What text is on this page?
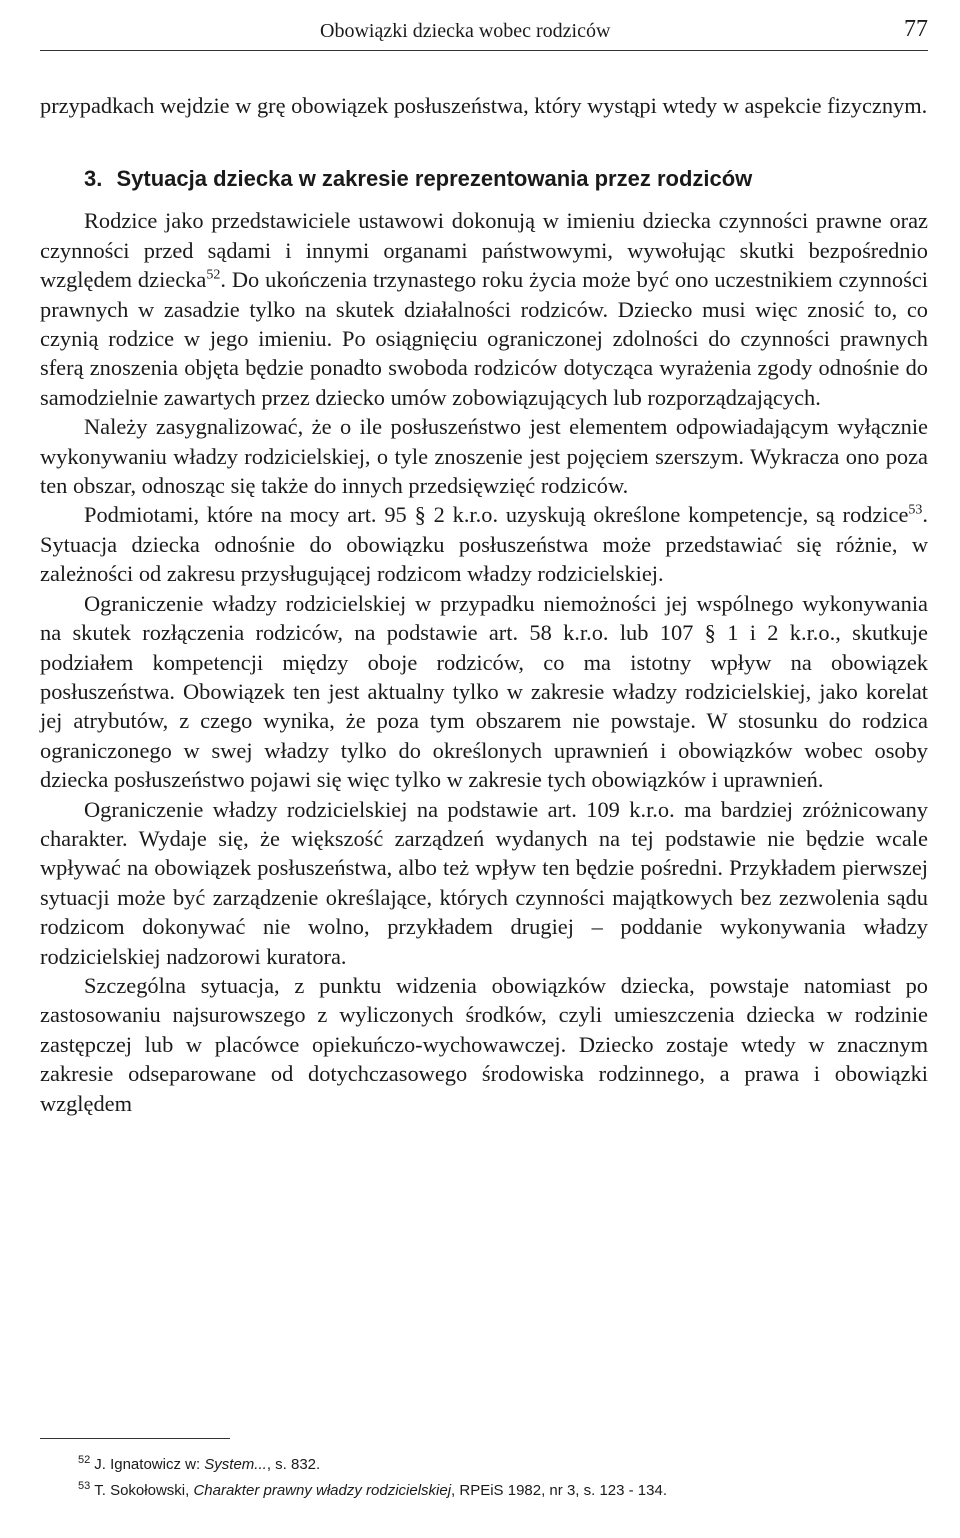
Obowiązki dziecka wobec rodziców	77

przypadkach wejdzie w grę obowiązek posłuszeństwa, który wystąpi wtedy w aspekcie fizycznym.

3. Sytuacja dziecka w zakresie reprezentowania przez rodziców

Rodzice jako przedstawiciele ustawowi dokonują w imieniu dziecka czynności prawne oraz czynności przed sądami i innymi organami państwowymi, wywołując skutki bezpośrednio względem dziecka$^{52}$. Do ukończenia trzynastego roku życia może być ono uczestnikiem czynności prawnych w zasadzie tylko na skutek działalności rodziców. Dziecko musi więc znosić to, co czynią rodzice w jego imieniu. Po osiągnięciu ograniczonej zdolności do czynności prawnych sferą znoszenia objęta będzie ponadto swoboda rodziców dotycząca wyrażenia zgody odnośnie do samodzielnie zawartych przez dziecko umów zobowiązujących lub rozporządzających.

Należy zasygnalizować, że o ile posłuszeństwo jest elementem odpowiadającym wyłącznie wykonywaniu władzy rodzicielskiej, o tyle znoszenie jest pojęciem szerszym. Wykracza ono poza ten obszar, odnosząc się także do innych przedsięwzięć rodziców.

Podmiotami, które na mocy art. 95 § 2 k.r.o. uzyskują określone kompetencje, są rodzice$^{53}$. Sytuacja dziecka odnośnie do obowiązku posłuszeństwa może przedstawiać się różnie, w zależności od zakresu przysługującej rodzicom władzy rodzicielskiej.

Ograniczenie władzy rodzicielskiej w przypadku niemożności jej wspólnego wykonywania na skutek rozłączenia rodziców, na podstawie art. 58 k.r.o. lub 107 § 1 i 2 k.r.o., skutkuje podziałem kompetencji między oboje rodziców, co ma istotny wpływ na obowiązek posłuszeństwa. Obowiązek ten jest aktualny tylko w zakresie władzy rodzicielskiej, jako korelat jej atrybutów, z czego wynika, że poza tym obszarem nie powstaje. W stosunku do rodzica ograniczonego w swej władzy tylko do określonych uprawnień i obowiązków wobec osoby dziecka posłuszeństwo pojawi się więc tylko w zakresie tych obowiązków i uprawnień.

Ograniczenie władzy rodzicielskiej na podstawie art. 109 k.r.o. ma bardziej zróżnicowany charakter. Wydaje się, że większość zarządzeń wydanych na tej podstawie nie będzie wcale wpływać na obowiązek posłuszeństwa, albo też wpływ ten będzie pośredni. Przykładem pierwszej sytuacji może być zarządzenie określające, których czynności majątkowych bez zezwolenia sądu rodzicom dokonywać nie wolno, przykładem drugiej – poddanie wykonywania władzy rodzicielskiej nadzorowi kuratora.

Szczególna sytuacja, z punktu widzenia obowiązków dziecka, powstaje natomiast po zastosowaniu najsurowszego z wyliczonych środków, czyli umieszczenia dziecka w rodzinie zastępczej lub w placówce opiekuńczo-wychowawczej. Dziecko zostaje wtedy w znacznym zakresie odseparowane od dotychczasowego środowiska rodzinnego, a prawa i obowiązki względem

$^{52}$ J. Ignatowicz w: System..., s. 832.
$^{53}$ T. Sokołowski, Charakter prawny władzy rodzicielskiej, RPEiS 1982, nr 3, s. 123 - 134.
